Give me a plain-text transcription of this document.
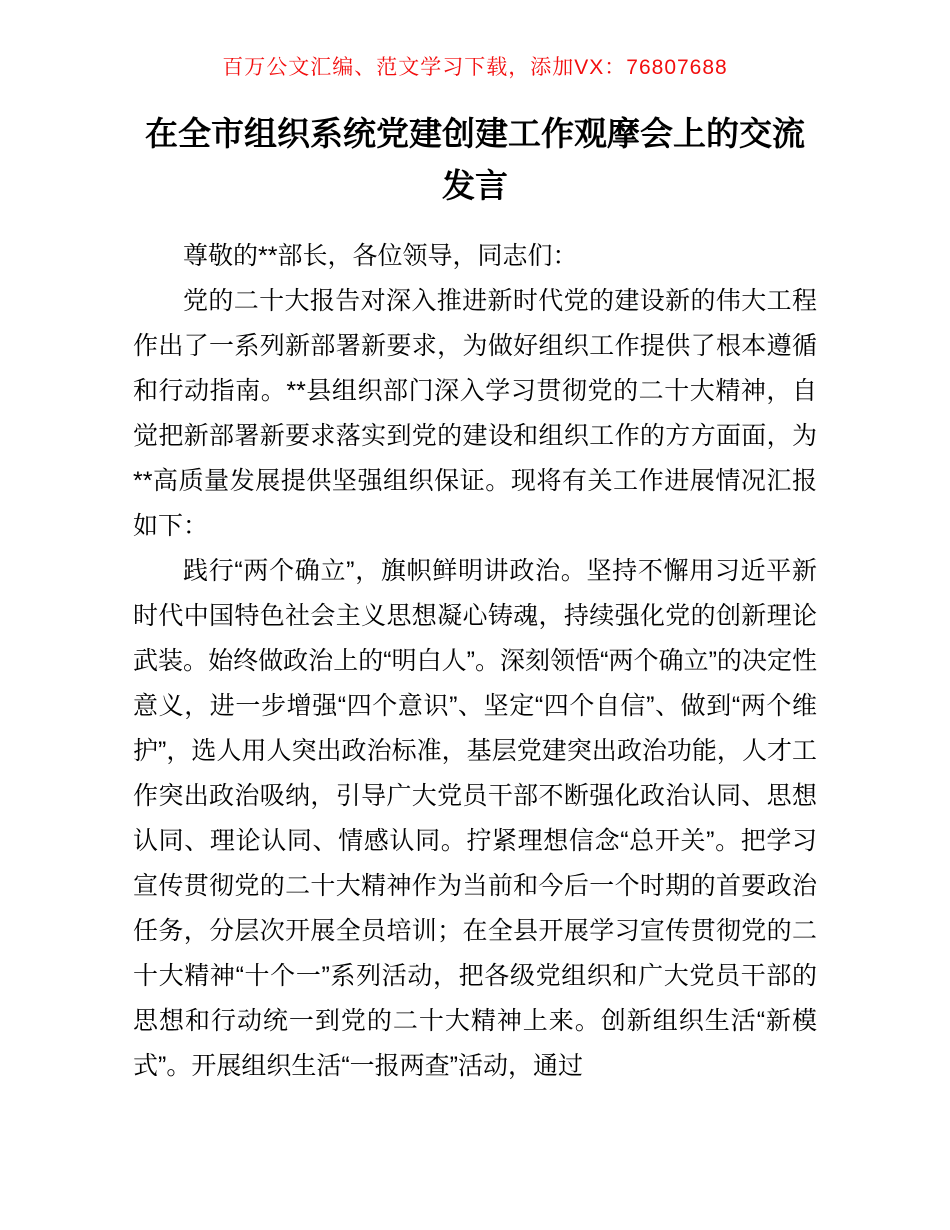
百万公文汇编、范文学习下载，添加VX：76807688
在全市组织系统党建创建工作观摩会上的交流发言

尊敬的**部长，各位领导，同志们：

党的二十大报告对深入推进新时代党的建设新的伟大工程作出了一系列新部署新要求，为做好组织工作提供了根本遵循和行动指南。**县组织部门深入学习贯彻党的二十大精神，自觉把新部署新要求落实到党的建设和组织工作的方方面面，为**高质量发展提供坚强组织保证。现将有关工作进展情况汇报如下：

践行“两个确立”，旗帜鲜明讲政治。坚持不懈用习近平新时代中国特色社会主义思想凝心铸魂，持续强化党的创新理论武装。始终做政治上的“明白人”。深刻领悟“两个确立”的决定性意义，进一步增强“四个意识”、坚定“四个自信”、做到“两个维护”，选人用人突出政治标准，基层党建突出政治功能，人才工作突出政治吸纳，引导广大党员干部不断强化政治认同、思想认同、理论认同、情感认同。拧紧理想信念“总开关”。把学习宣传贯彻党的二十大精神作为当前和今后一个时期的首要政治任务，分层次开展全员培训；在全县开展学习宣传贯彻党的二十大精神“十个一”系列活动，把各级党组织和广大党员干部的思想和行动统一到党的二十大精神上来。创新组织生活“新模式”。开展组织生活“一报两查”活动，通过
